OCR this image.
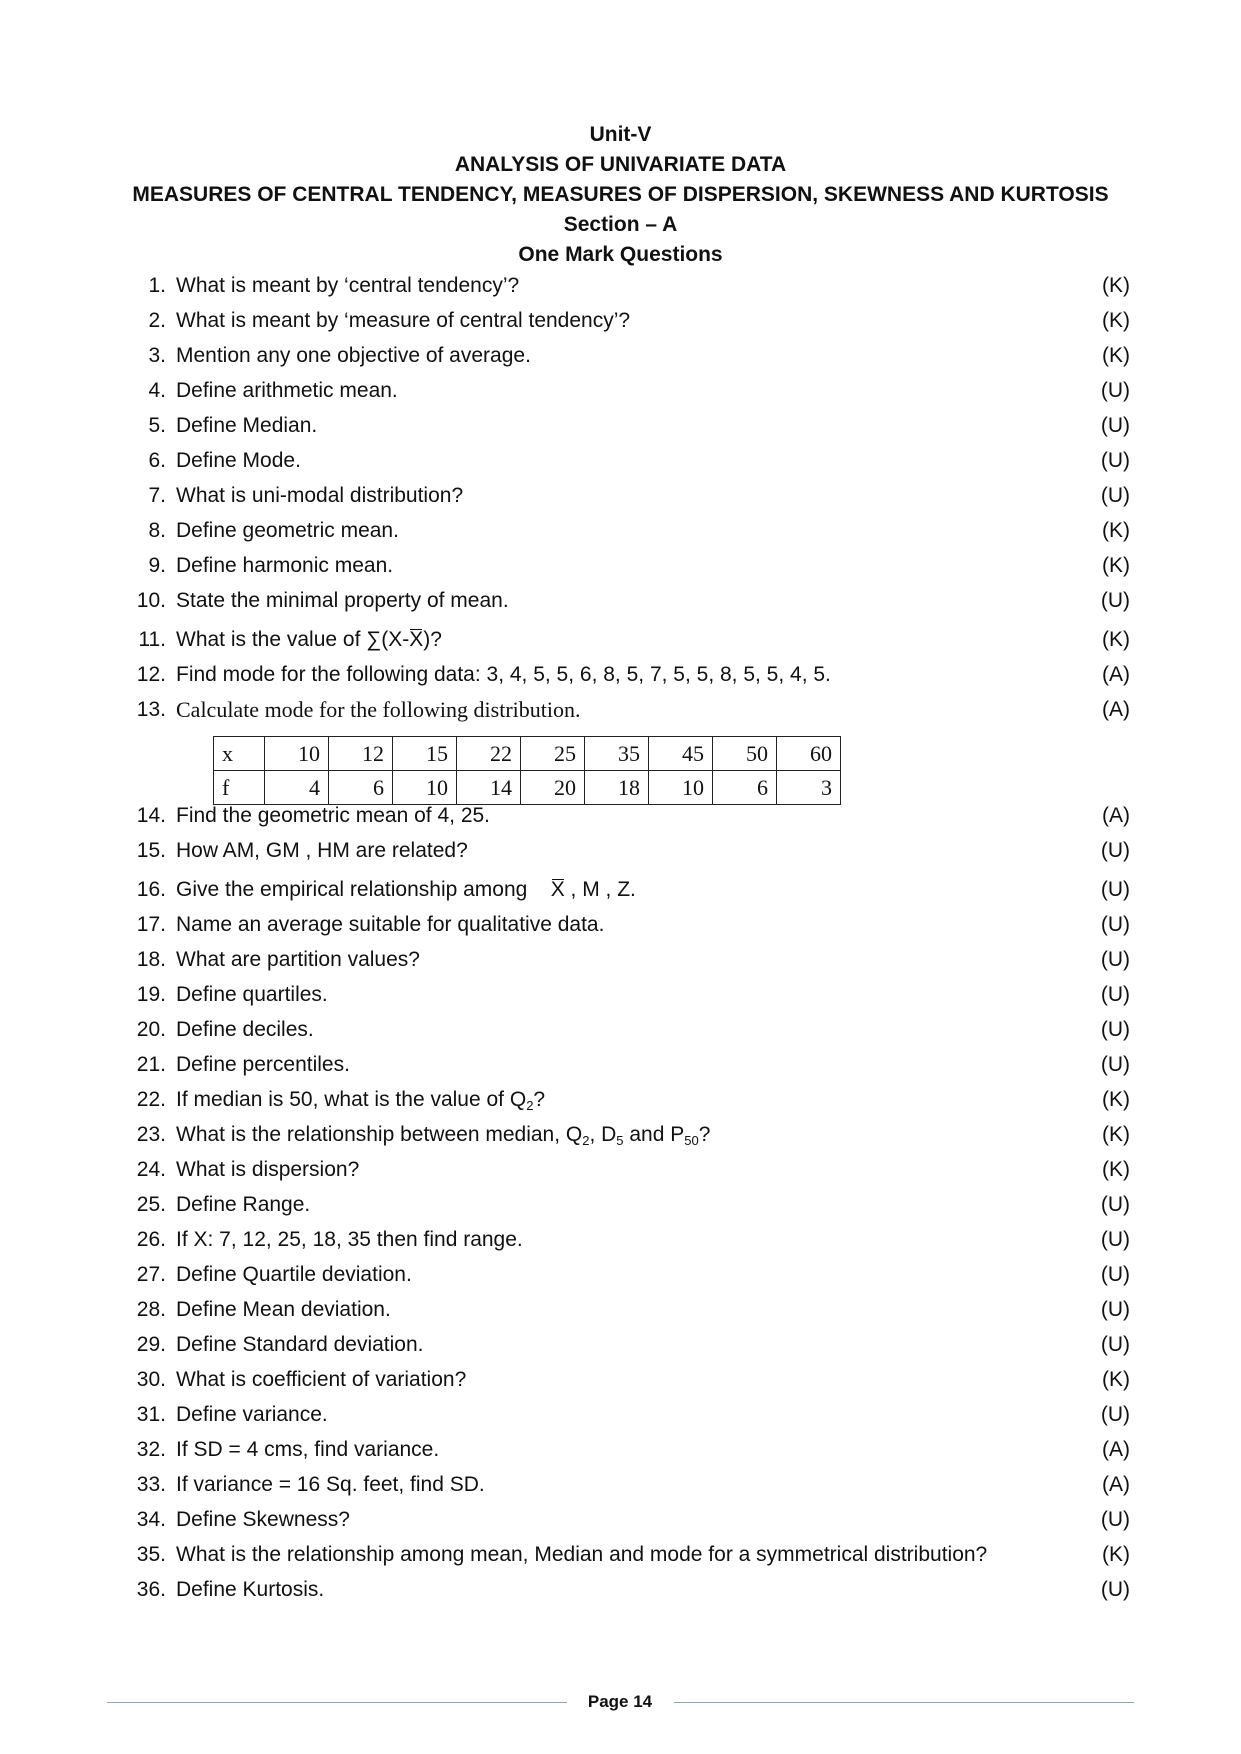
Unit-V
ANALYSIS OF UNIVARIATE DATA
MEASURES OF CENTRAL TENDENCY, MEASURES OF DISPERSION, SKEWNESS AND KURTOSIS
Section – A
One Mark Questions
1. What is meant by ‘central tendency’?	(K)
2. What is meant by ‘measure of central tendency’?	(K)
3. Mention any one objective of average.	(K)
4. Define arithmetic mean.	(U)
5. Define Median.	(U)
6. Define Mode.	(U)
7. What is uni-modal distribution?	(U)
8. Define geometric mean.	(K)
9. Define harmonic mean.	(K)
10. State the minimal property of mean.	(U)
11. What is the value of ∑(X-X)?	(K)
12. Find mode for the following data: 3, 4, 5, 5, 6, 8, 5, 7, 5, 5, 8, 5, 5, 4, 5.	(A)
13. Calculate mode for the following distribution.	(A)
x	10	12	15	22	25	35	45	50	60
f	4	6	10	14	20	18	10	6	3
14. Find the geometric mean of 4, 25.	(A)
15. How AM, GM , HM are related?	(U)
16. Give the empirical relationship among X , M , Z.	(U)
17. Name an average suitable for qualitative data.	(U)
18. What are partition values?	(U)
19. Define quartiles.	(U)
20. Define deciles.	(U)
21. Define percentiles.	(U)
22. If median is 50, what is the value of $Q_2$?	(K)
23. What is the relationship between median, $Q_2$, $D_5$ and $P_{50}$?	(K)
24. What is dispersion?	(K)
25. Define Range.	(U)
26. If X: 7, 12, 25, 18, 35 then find range.	(U)
27. Define Quartile deviation.	(U)
28. Define Mean deviation.	(U)
29. Define Standard deviation.	(U)
30. What is coefficient of variation?	(K)
31. Define variance.	(U)
32. If SD = 4 cms, find variance.	(A)
33. If variance = 16 Sq. feet, find SD.	(A)
34. Define Skewness?	(U)
35. What is the relationship among mean, Median and mode for a symmetrical distribution?	(K)
36. Define Kurtosis.	(U)
Page 14
